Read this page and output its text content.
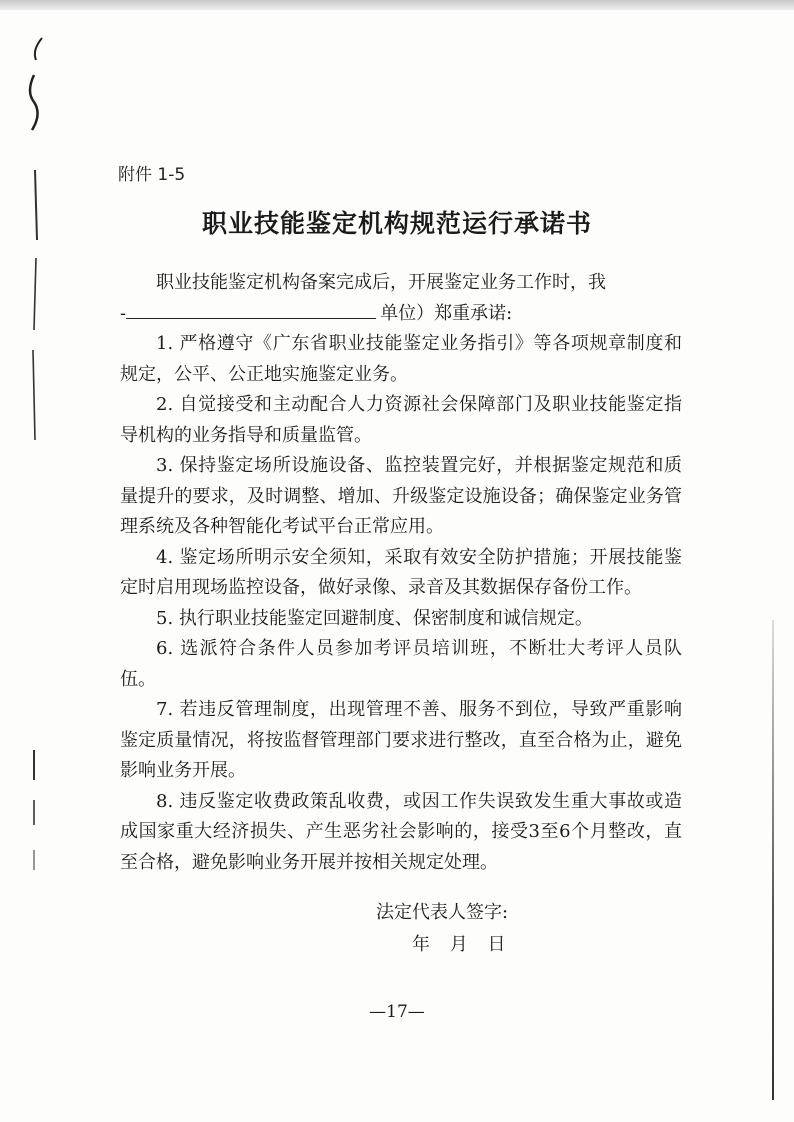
附件 1-5
职业技能鉴定机构规范运行承诺书

职业技能鉴定机构备案完成后，开展鉴定业务工作时，我

-	单位）郑重承诺:

1. 严格遵守《广东省职业技能鉴定业务指引》等各项规章制度和规定，公平、公正地实施鉴定业务。

2. 自觉接受和主动配合人力资源社会保障部门及职业技能鉴定指导机构的业务指导和质量监管。

3. 保持鉴定场所设施设备、监控装置完好，并根据鉴定规范和质量提升的要求，及时调整、增加、升级鉴定设施设备；确保鉴定业务管理系统及各种智能化考试平台正常应用。

4. 鉴定场所明示安全须知，采取有效安全防护措施；开展技能鉴定时启用现场监控设备，做好录像、录音及其数据保存备份工作。

5. 执行职业技能鉴定回避制度、保密制度和诚信规定。

6. 选派符合条件人员参加考评员培训班，不断壮大考评人员队伍。

7. 若违反管理制度，出现管理不善、服务不到位，导致严重影响鉴定质量情况，将按监督管理部门要求进行整改，直至合格为止，避免影响业务开展。

8. 违反鉴定收费政策乱收费，或因工作失误致发生重大事故或造成国家重大经济损失、产生恶劣社会影响的，接受3至6个月整改，直至合格，避免影响业务开展并按相关规定处理。

法定代表人签字:
年 月 日
—17—
